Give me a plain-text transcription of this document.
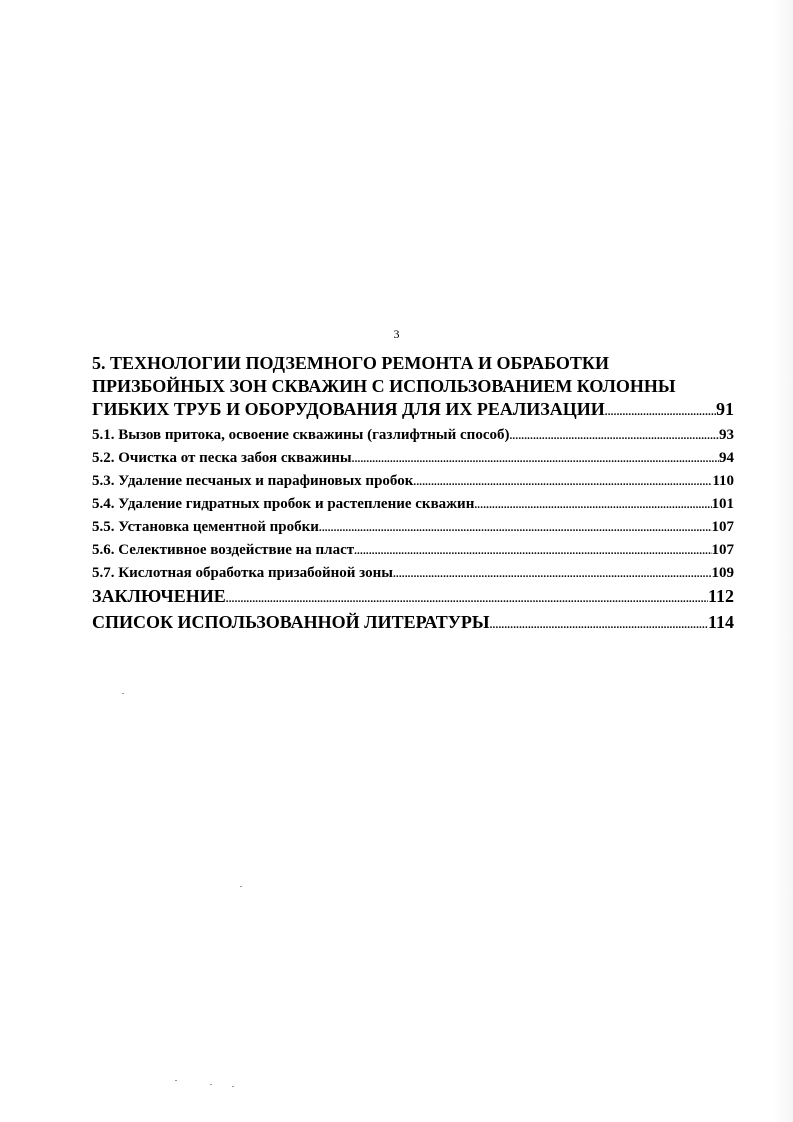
3
5. ТЕХНОЛОГИИ ПОДЗЕМНОГО РЕМОНТА И ОБРАБОТКИ
ПРИЗБОЙНЫХ ЗОН СКВАЖИН С ИСПОЛЬЗОВАНИЕМ КОЛОННЫ
ГИБКИХ ТРУБ И ОБОРУДОВАНИЯ ДЛЯ ИХ РЕАЛИЗАЦИИ .....	91
5.1. Вызов притока, освоение скважины (газлифтный способ) .....	93
5.2. Очистка от песка забоя скважины .....	94
5.3. Удаление песчаных и парафиновых пробок .....	110
5.4. Удаление гидратных пробок и растепление скважин .....	101
5.5. Установка цементной пробки .....	107
5.6. Селективное воздействие на пласт .....	107
5.7. Кислотная обработка призабойной зоны .....	109
ЗАКЛЮЧЕНИЕ .....	112
СПИСОК ИСПОЛЬЗОВАННОЙ ЛИТЕРАТУРЫ .....	114
